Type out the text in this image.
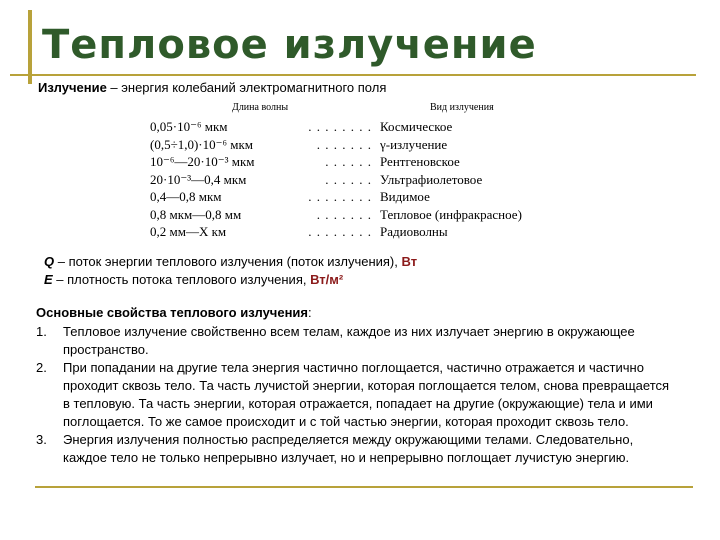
Тепловое излучение
Излучение – энергия колебаний электромагнитного поля
Длина волны	Вид излучения
0,05·10⁻⁶ мкм	. . . . . . . . Космическое
(0,5÷1,0)·10⁻⁶ мкм	. . . . . . . γ-излучение
10⁻⁶—20·10⁻³ мкм	. . . . . . Рентгеновское
20·10⁻³—0,4 мкм	. . . . . . Ультрафиолетовое
0,4—0,8 мкм	. . . . . . . . Видимое
0,8 мкм—0,8 мм	. . . . . . . Тепловое (инфракрасное)
0,2 мм—X км	. . . . . . . . Радиоволны
Q – поток энергии теплового излучения (поток излучения), Вт
E – плотность потока теплового излучения, Вт/м²
Основные свойства теплового излучения:
1. Тепловое излучение свойственно всем телам, каждое из них излучает энергию в окружающее пространство.
2. При попадании на другие тела энергия частично поглощается, частично отражается и частично проходит сквозь тело. Та часть лучистой энергии, которая поглощается телом, снова превращается в тепловую. Та часть энергии, которая отражается, попадает на другие (окружающие) тела и ими поглощается. То же самое происходит и с той частью энергии, которая проходит сквозь тело.
3. Энергия излучения полностью распределяется между окружающими телами. Следовательно, каждое тело не только непрерывно излучает, но и непрерывно поглощает лучистую энергию.
